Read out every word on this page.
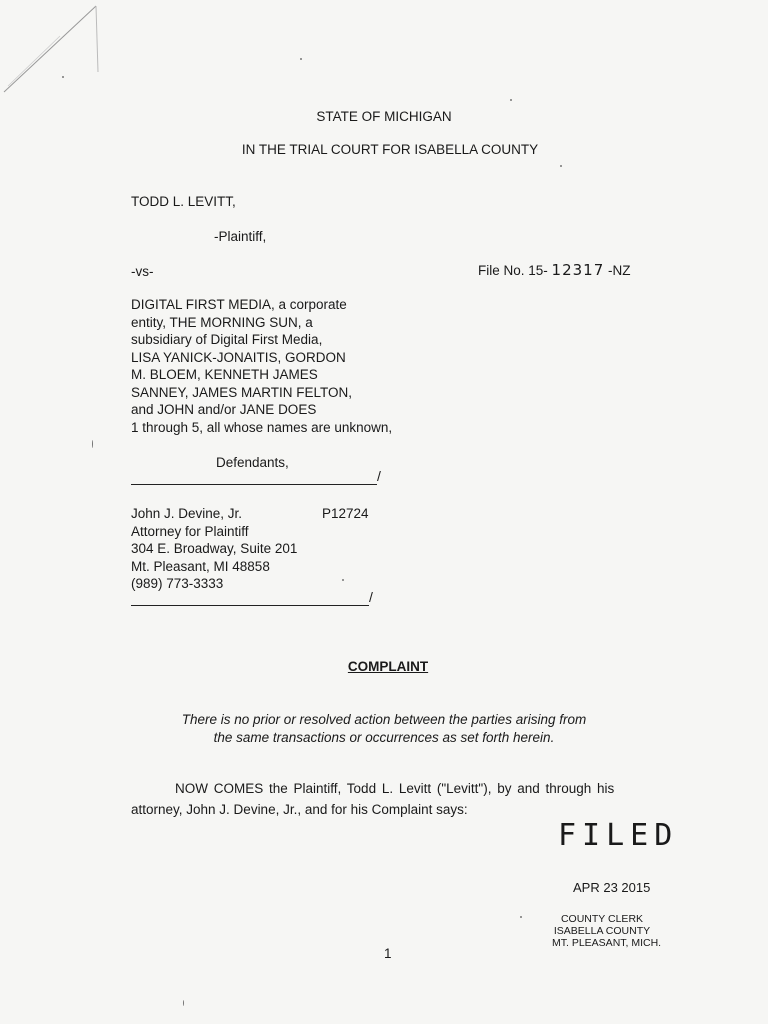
STATE OF MICHIGAN
IN THE TRIAL COURT FOR ISABELLA COUNTY
TODD L. LEVITT,
-Plaintiff,
-vs-	File No. 15- 12317 -NZ
DIGITAL FIRST MEDIA, a corporate
entity, THE MORNING SUN, a
subsidiary of Digital First Media,
LISA YANICK-JONAITIS, GORDON
M. BLOEM, KENNETH JAMES
SANNEY, JAMES MARTIN FELTON,
and JOHN and/or JANE DOES
1 through 5, all whose names are unknown,
Defendants,
/
John J. Devine, Jr.
Attorney for Plaintiff
304 E. Broadway, Suite 201
Mt. Pleasant, MI 48858
(989) 773-3333
P12724
/
COMPLAINT
There is no prior or resolved action between the parties arising from
the same transactions or occurrences as set forth herein.
NOW COMES the Plaintiff, Todd L. Levitt ("Levitt"), by and through his
attorney, John J. Devine, Jr., and for his Complaint says:
FILED
APR 23 2015
COUNTY CLERK
ISABELLA COUNTY
MT. PLEASANT, MICH.
1
